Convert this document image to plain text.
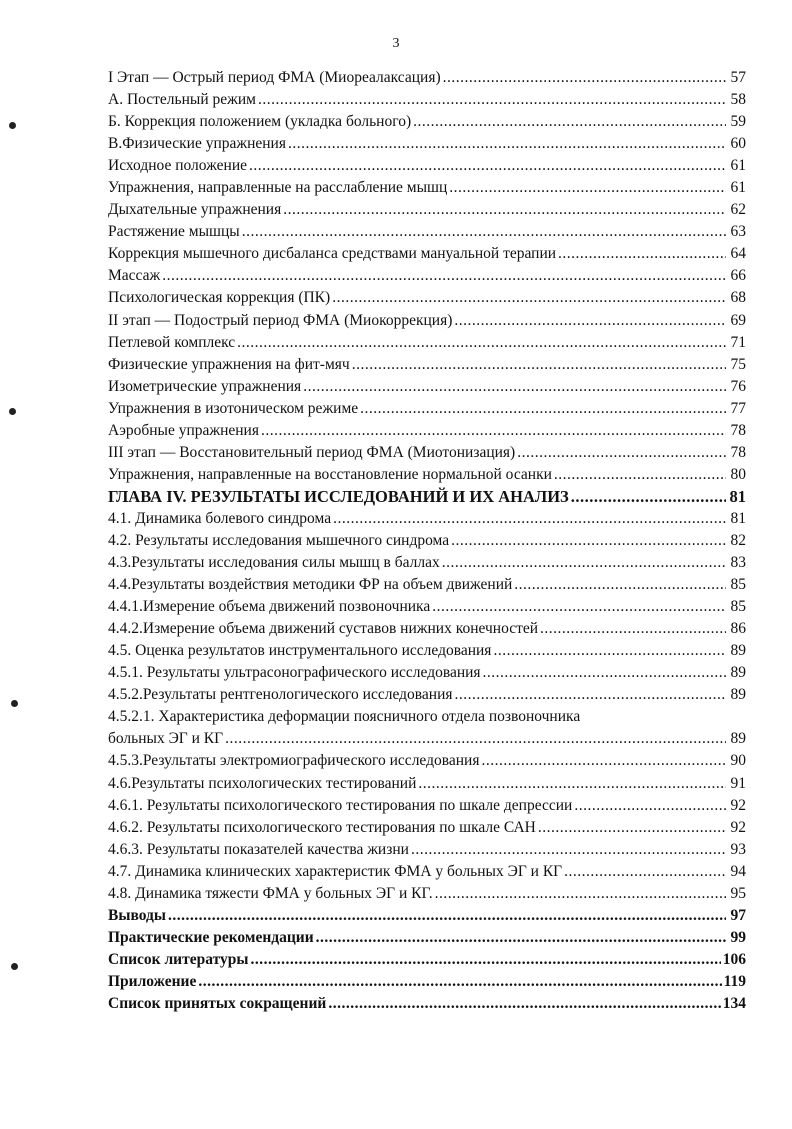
3
I Этап — Острый период ФМА (Миореалаксация) .....	57
А. Постельный режим .....	58
Б. Коррекция положением (укладка больного) .....	59
В.Физические упражнения .....	60
Исходное положение .....	61
Упражнения, направленные на расслабление мышц .....	61
Дыхательные упражнения .....	62
Растяжение мышцы .....	63
Коррекция мышечного дисбаланса средствами мануальной терапии .....	64
Массаж .....	66
Психологическая коррекция (ПК) .....	68
II этап — Подострый период ФМА (Миокоррекция) .....	69
Петлевой комплекс .....	71
Физические упражнения на фит-мяч .....	75
Изометрические упражнения .....	76
Упражнения в изотоническом режиме .....	77
Аэробные упражнения .....	78
III этап — Восстановительный период ФМА (Миотонизация) .....	78
Упражнения, направленные на восстановление нормальной осанки .....	80
ГЛАВА IV. РЕЗУЛЬТАТЫ ИССЛЕДОВАНИЙ И ИХ АНАЛИЗ .....	81
4.1. Динамика болевого синдрома .....	81
4.2. Результаты исследования мышечного синдрома .....	82
4.3.Результаты исследования силы мышц в баллах .....	83
4.4.Результаты воздействия методики ФР на объем движений .....	85
4.4.1.Измерение объема движений позвоночника .....	85
4.4.2.Измерение объема движений суставов нижних конечностей .....	86
4.5. Оценка результатов инструментального исследования .....	89
4.5.1. Результаты ультрасонографического исследования .....	89
4.5.2.Результаты рентгенологического исследования .....	89
4.5.2.1. Характеристика деформации поясничного отдела позвоночника
больных ЭГ и КГ .....	89
4.5.3.Результаты электромиографического исследования .....	90
4.6.Результаты психологических тестирований .....	91
4.6.1. Результаты психологического тестирования по шкале депрессии .....	92
4.6.2. Результаты психологического тестирования по шкале САН .....	92
4.6.3. Результаты показателей качества жизни .....	93
4.7. Динамика клинических характеристик ФМА у больных ЭГ и КГ .....	94
4.8. Динамика тяжести ФМА у больных ЭГ и КГ. .....	95
Выводы .....	97
Практические рекомендации .....	99
Список литературы .....	106
Приложение .....	119
Список принятых сокращений .....	134
